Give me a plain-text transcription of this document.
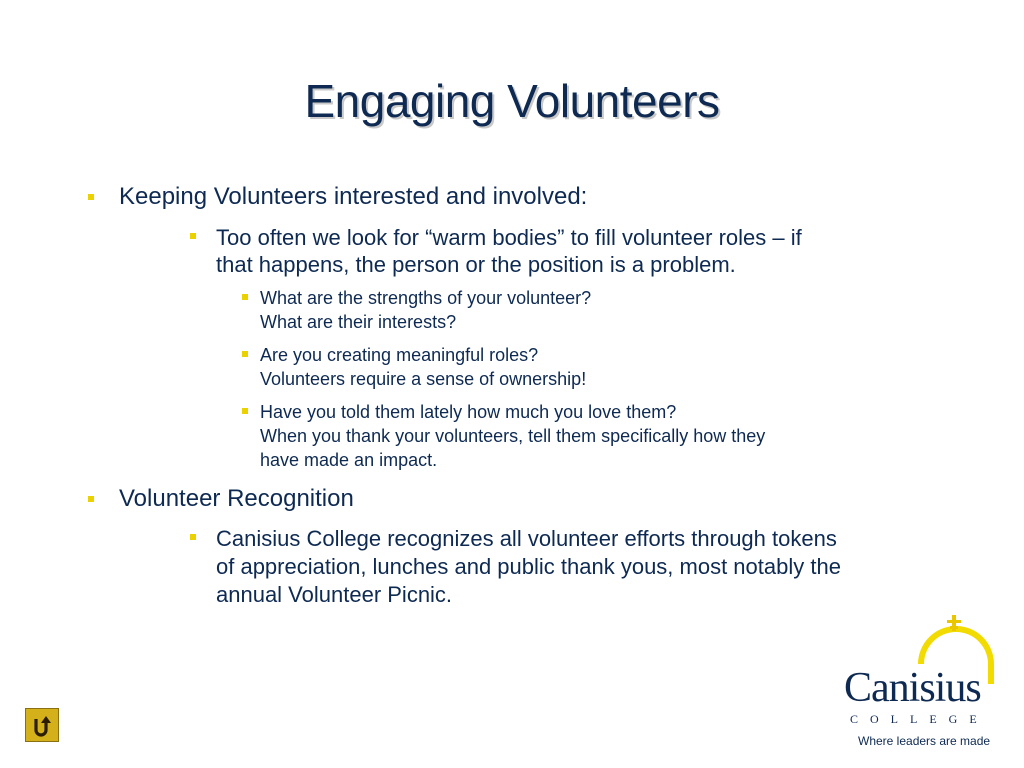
Engaging Volunteers
Keeping Volunteers interested and involved:
Too often we look for “warm bodies” to fill volunteer roles – if
that happens, the person or the position is a problem.
What are the strengths of your volunteer?
What are their interests?
Are you creating meaningful roles?
Volunteers require a sense of ownership!
Have you told them lately how much you love them?
When you thank your volunteers, tell them specifically how they
have made an impact.
Volunteer Recognition
Canisius College recognizes all volunteer efforts through tokens
of appreciation, lunches and public thank yous, most notably the
annual Volunteer Picnic.
Canisius
COLLEGE
Where leaders are made
